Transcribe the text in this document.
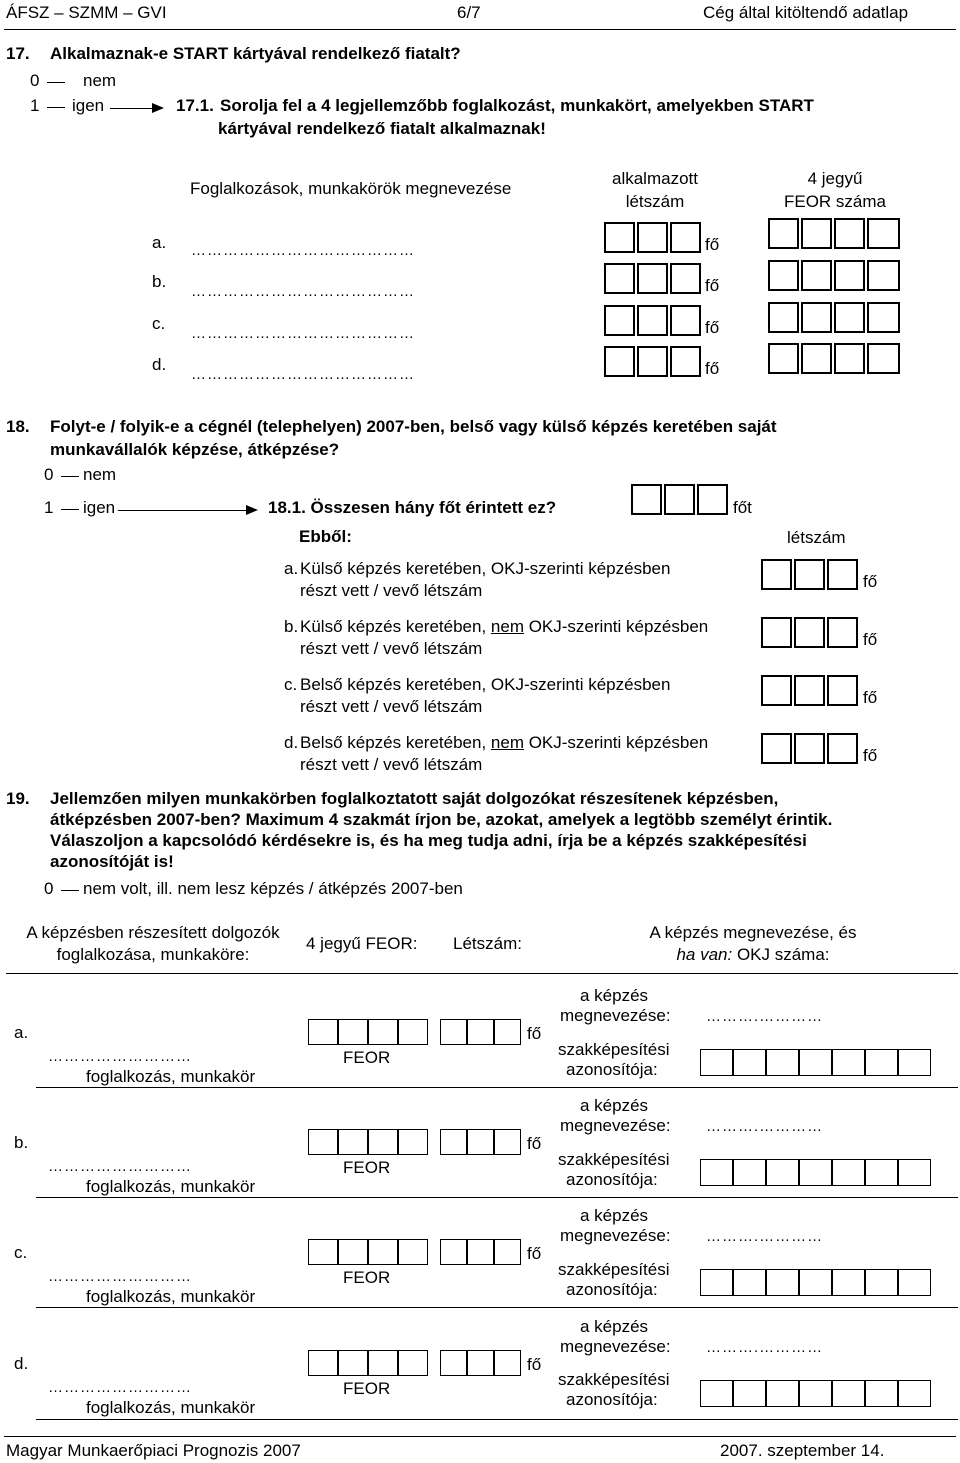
ÁFSZ – SZMM – GVI	6/7	Cég által kitöltendő adatlap
17. Alkalmaznak-e START kártyával rendelkező fiatalt?
0	nem
1 igen	17.1. Sorolja fel a 4 legjellemzőbb foglalkozást, munkakört, amelyekben START
kártyával rendelkező fiatalt alkalmaznak!
Foglalkozások, munkakörök megnevezése
alkalmazott
létszám
4 jegyű
FEOR száma
a. ……………………………………	fő
b.
……………………………………	fő
c.
……………………………………	fő
d.
……………………………………	fő
18. Folyt-e / folyik-e a cégnél (telephelyen) 2007-ben, belső vagy külső képzés keretében saját
munkavállalók képzése, átképzése?
0 nem
1 igen	18.1. Összesen hány főt érintett ez?	főt
Ebből:	létszám
a. Külső képzés keretében, OKJ-szerinti képzésben
részt vett / vevő létszám	fő
b. Külső képzés keretében, nem OKJ-szerinti képzésben
részt vett / vevő létszám	fő
c. Belső képzés keretében, OKJ-szerinti képzésben
részt vett / vevő létszám	fő
d. Belső képzés keretében, nem OKJ-szerinti képzésben
részt vett / vevő létszám	fő
19. Jellemzően milyen munkakörben foglalkoztatott saját dolgozókat részesítenek képzésben,
átképzésben 2007-ben? Maximum 4 szakmát írjon be, azokat, amelyek a legtöbb személyt érintik.
Válaszoljon a kapcsolódó kérdésekre is, és ha meg tudja adni, írja be a képzés szakképesítési
azonosítóját is!
0 nem volt, ill. nem lesz képzés / átképzés 2007-ben
A képzésben részesített dolgozók
foglalkozása, munkaköre:
4 jegyű FEOR: Létszám:
A képzés megnevezése, és
ha van: OKJ száma:
a.
………………………
foglalkozás, munkakör
FEOR
fő
a képzés
megnevezése: ……….…………
szakképesítési
azonosítója:
b.
………………………
foglalkozás, munkakör
FEOR
fő
a képzés
megnevezése: ……….…………
szakképesítési
azonosítója:
c.
………………………
foglalkozás, munkakör
FEOR
fő
a képzés
megnevezése: ……….…………
szakképesítési
azonosítója:
d.
………………………
foglalkozás, munkakör
FEOR
fő
a képzés
megnevezése: ……….…………
szakképesítési
azonosítója:
Magyar Munkaerőpiaci Prognozis 2007	2007. szeptember 14.
